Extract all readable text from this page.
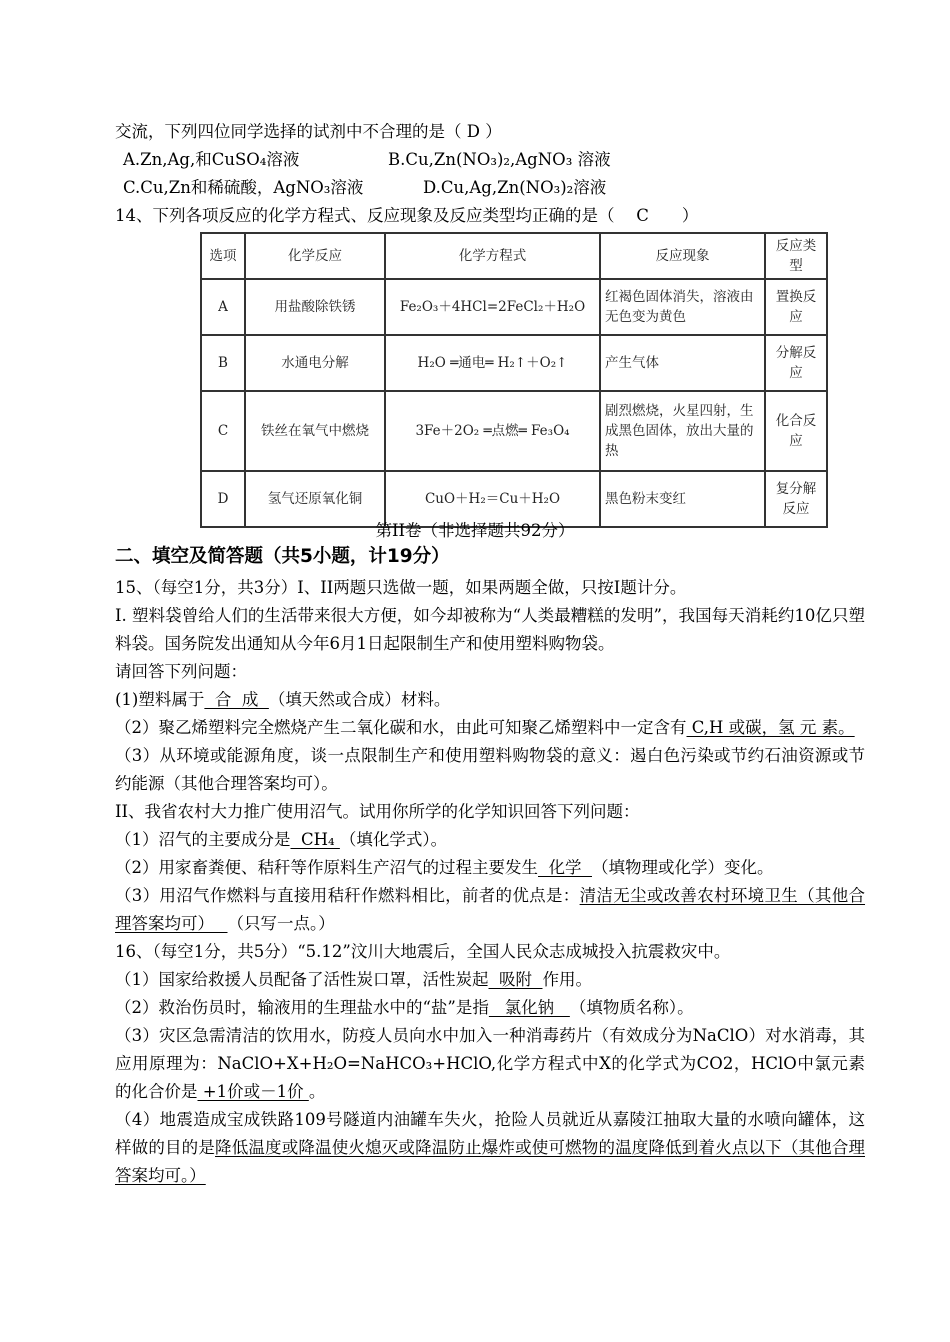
交流，下列四位同学选择的试剂中不合理的是（ D ）
A.Zn,Ag,和CuSO₄溶液	B.Cu,Zn(NO₃)₂,AgNO₃ 溶液
C.Cu,Zn和稀硫酸，AgNO₃溶液	D.Cu,Ag,Zn(NO₃)₂溶液
14、下列各项反应的化学方程式、反应现象及反应类型均正确的是（　 C　　）
选项	化学反应	化学方程式	反应现象	反应类型
A	用盐酸除铁锈	Fe₂O₃＋4HCl=2FeCl₂＋H₂O	红褐色固体消失，溶液由无色变为黄色	置换反应
B	水通电分解	H₂O ═通电═ H₂↑＋O₂↑	产生气体	分解反应
C	铁丝在氧气中燃烧	3Fe＋2O₂ ═点燃═ Fe₃O₄	剧烈燃烧，火星四射，生成黑色固体，放出大量的热	化合反应
D	氢气还原氧化铜	CuO＋H₂＝Cu＋H₂O	黑色粉末变红	复分解反应
第II卷（非选择题共92分）
二、填空及简答题（共5小题，计19分）
15、（每空1分，共3分）I、II两题只选做一题，如果两题全做，只按I题计分。
I. 塑料袋曾给人们的生活带来很大方便，如今却被称为“人类最糟糕的发明”，我国每天消耗约10亿只塑料袋。国务院发出通知从今年6月1日起限制生产和使用塑料购物袋。
请回答下列问题：
(1)塑料属于  合  成  （填天然或合成）材料。
（2）聚乙烯塑料完全燃烧产生二氧化碳和水，由此可知聚乙烯塑料中一定含有 C,H 或碳，氢 元 素。
（3）从环境或能源角度，谈一点限制生产和使用塑料购物袋的意义：遏白色污染或节约石油资源或节约能源（其他合理答案均可）。
II、我省农村大力推广使用沼气。试用你所学的化学知识回答下列问题：
（1）沼气的主要成分是  CH₄ （填化学式）。
（2）用家畜粪便、秸秆等作原料生产沼气的过程主要发生  化学  （填物理或化学）变化。
（3）用沼气作燃料与直接用秸秆作燃料相比，前者的优点是：清洁无尘或改善农村环境卫生（其他合理答案均可）　 （只写一点。）
16、（每空1分，共5分）“5.12”汶川大地震后，全国人民众志成城投入抗震救灾中。
（1）国家给救援人员配备了活性炭口罩，活性炭起  吸附  作用。
（2）救治伤员时，输液用的生理盐水中的“盐”是指   氯化钠   （填物质名称）。
（3）灾区急需清洁的饮用水，防疫人员向水中加入一种消毒药片（有效成分为NaClO）对水消毒，其应用原理为：NaClO+X+H₂O=NaHCO₃+HClO,化学方程式中X的化学式为CO2，HClO中氯元素的化合价是 +1价或－1价 。
（4）地震造成宝成铁路109号隧道内油罐车失火，抢险人员就近从嘉陵江抽取大量的水喷向罐体，这样做的目的是降低温度或降温使火熄灭或降温防止爆炸或使可燃物的温度降低到着火点以下（其他合理答案均可。）
